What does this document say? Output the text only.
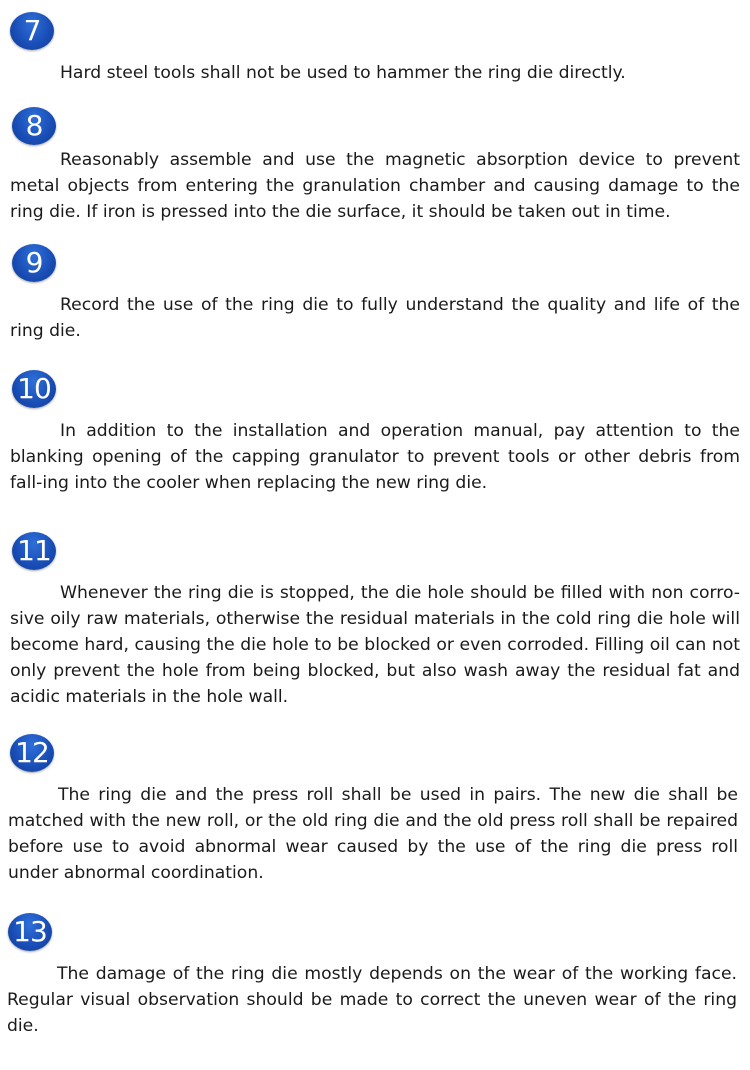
7

Hard steel tools shall not be used to hammer the ring die directly.

8

Reasonably assemble and use the magnetic absorption device to prevent metal objects from entering the granulation chamber and causing damage to the ring die. If iron is pressed into the die surface, it should be taken out in time.

9

Record the use of the ring die to fully understand the quality and life of the ring die.

10

In addition to the installation and operation manual, pay attention to the blanking opening of the capping granulator to prevent tools or other debris from fall-ing into the cooler when replacing the new ring die.

11

Whenever the ring die is stopped, the die hole should be filled with non corro-sive oily raw materials, otherwise the residual materials in the cold ring die hole will become hard, causing the die hole to be blocked or even corroded. Filling oil can not only prevent the hole from being blocked, but also wash away the residual fat and acidic materials in the hole wall.

12

The ring die and the press roll shall be used in pairs. The new die shall be matched with the new roll, or the old ring die and the old press roll shall be repaired before use to avoid abnormal wear caused by the use of the ring die press roll under abnormal coordination.

13

The damage of the ring die mostly depends on the wear of the working face. Regular visual observation should be made to correct the uneven wear of the ring die.
